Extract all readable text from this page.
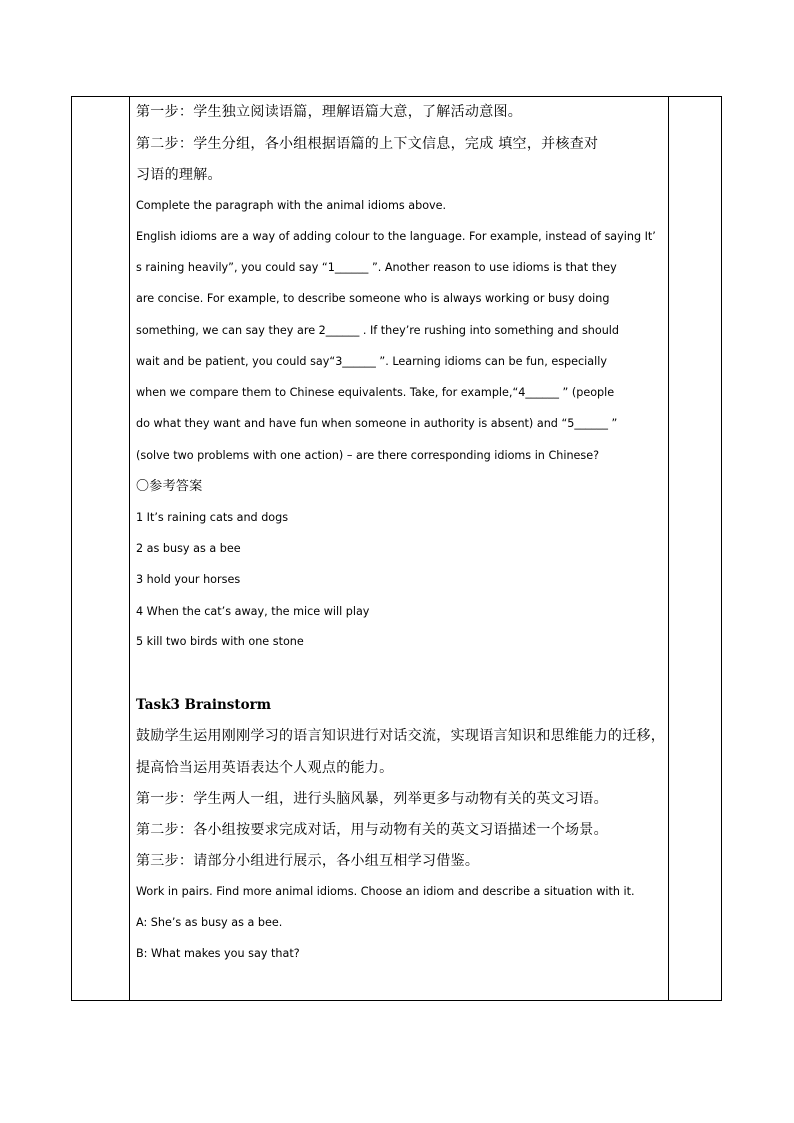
第一步：学生独立阅读语篇，理解语篇大意，了解活动意图。

第二步：学生分组，各小组根据语篇的上下文信息，完成 填空，并核查对

习语的理解。

Complete the paragraph with the animal idioms above.

English idioms are a way of adding colour to the language. For example, instead of saying It’

s raining heavily”, you could say “1______ ”. Another reason to use idioms is that they

are concise. For example, to describe someone who is always working or busy doing

something, we can say they are 2______ . If they’re rushing into something and should

wait and be patient, you could say“3______ ”. Learning idioms can be fun, especially

when we compare them to Chinese equivalents. Take, for example,“4______ ” (people

do what they want and have fun when someone in authority is absent) and “5______ ”

(solve two problems with one action) – are there corresponding idioms in Chinese?

〇参考答案

1 It’s raining cats and dogs

2 as busy as a bee

3 hold your horses

4 When the cat’s away, the mice will play

5 kill two birds with one stone

Task3 Brainstorm

鼓励学生运用刚刚学习的语言知识进行对话交流，实现语言知识和思维能力的迁移，

提高恰当运用英语表达个人观点的能力。

第一步：学生两人一组，进行头脑风暴，列举更多与动物有关的英文习语。

第二步：各小组按要求完成对话，用与动物有关的英文习语描述一个场景。

第三步：请部分小组进行展示，各小组互相学习借鉴。

Work in pairs. Find more animal idioms. Choose an idiom and describe a situation with it.

A: She’s as busy as a bee.

B: What makes you say that?
